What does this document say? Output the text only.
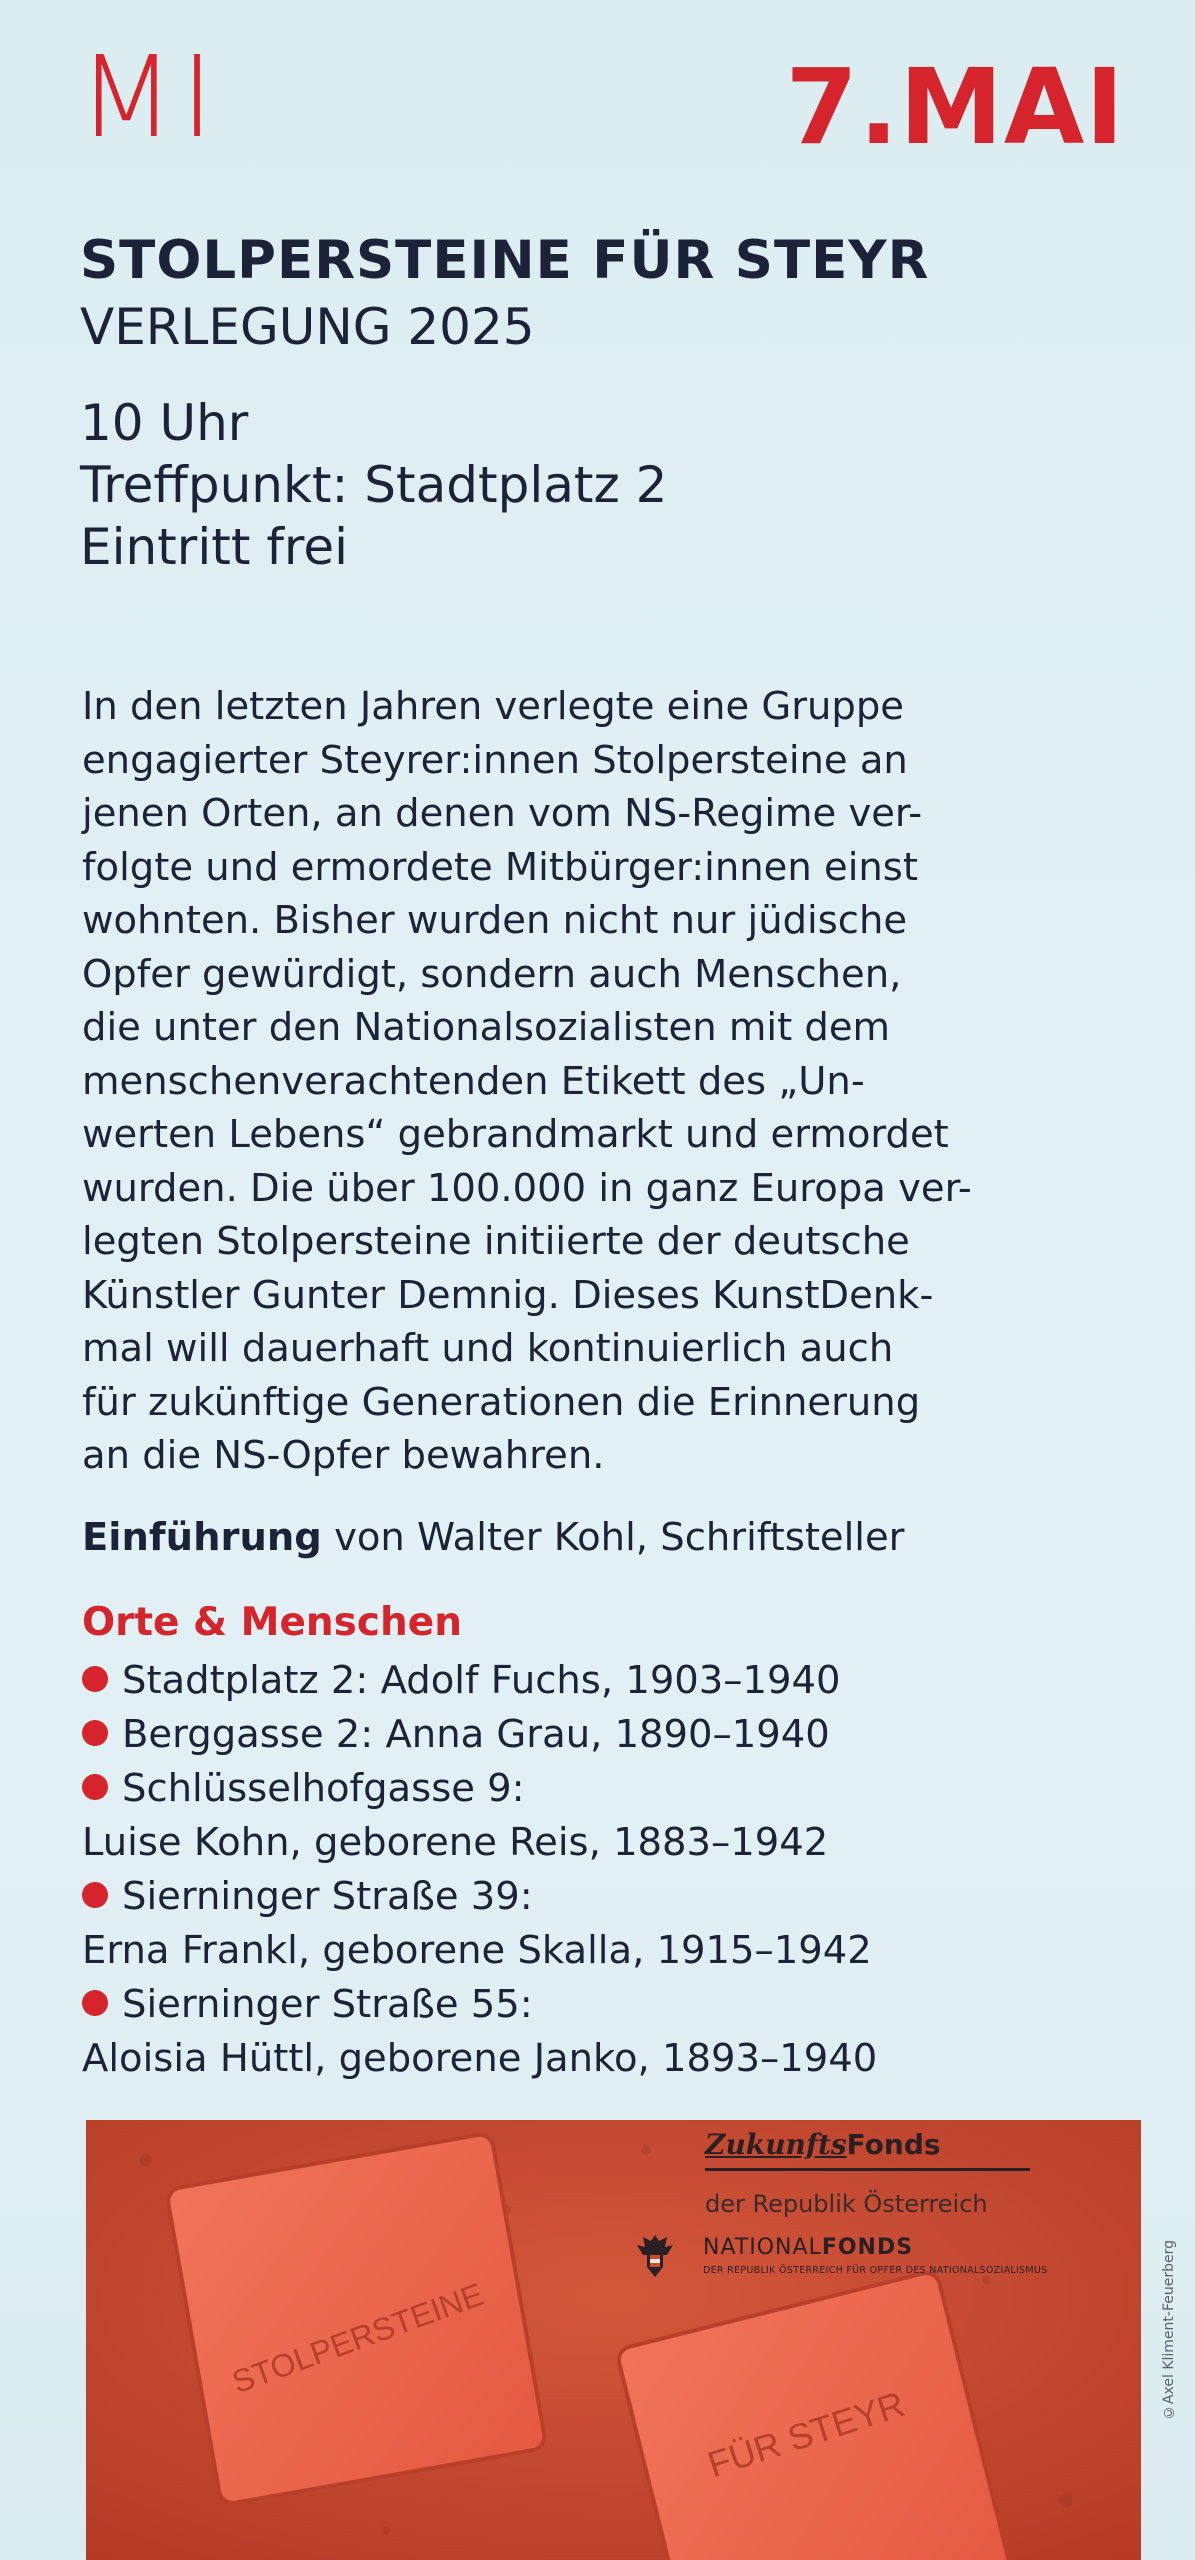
MI	7.MAI
STOLPERSTEINE FÜR STEYR
VERLEGUNG 2025
10 Uhr
Treffpunkt: Stadtplatz 2
Eintritt frei
In den letzten Jahren verlegte eine Gruppe
engagierter Steyrer:innen Stolpersteine an
jenen Orten, an denen vom NS-Regime ver-
folgte und ermordete Mitbürger:innen einst
wohnten. Bisher wurden nicht nur jüdische
Opfer gewürdigt, sondern auch Menschen,
die unter den Nationalsozialisten mit dem
menschenverachtenden Etikett des „Un-
werten Lebens“ gebrandmarkt und ermordet
wurden. Die über 100.000 in ganz Europa ver-
legten Stolpersteine initiierte der deutsche
Künstler Gunter Demnig. Dieses KunstDenk-
mal will dauerhaft und kontinuierlich auch
für zukünftige Generationen die Erinnerung
an die NS-Opfer bewahren.
Einführung von Walter Kohl, Schriftsteller
Orte & Menschen
Stadtplatz 2: Adolf Fuchs, 1903–1940
Berggasse 2: Anna Grau, 1890–1940
Schlüsselhofgasse 9:
Luise Kohn, geborene Reis, 1883–1942
Sierninger Straße 39:
Erna Frankl, geborene Skalla, 1915–1942
Sierninger Straße 55:
Aloisia Hüttl, geborene Janko, 1893–1940
STOLPERSTEINE
FÜR STEYR
ZukunftsFonds
der Republik Österreich
NATIONALFONDS
DER REPUBLIK ÖSTERREICH FÜR OPFER DES NATIONALSOZIALISMUS	©Axel Kliment-Feuerberg
